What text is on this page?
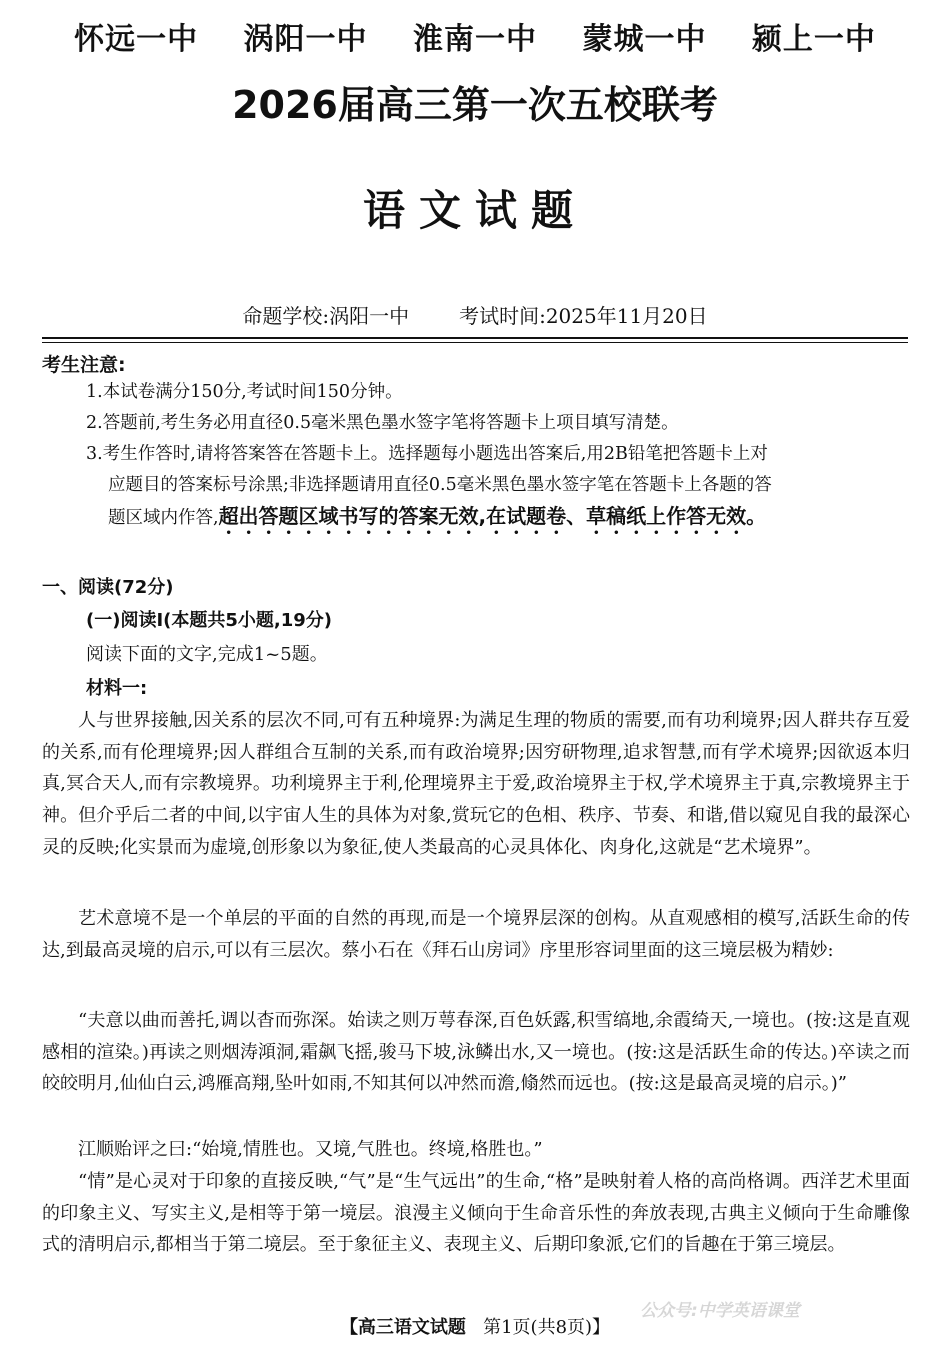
怀远一中 涡阳一中 淮南一中 蒙城一中 颍上一中
2026届高三第一次五校联考
语文试题
命题学校:涡阳一中	考试时间:2025年11月20日
考生注意:
1.本试卷满分150分,考试时间150分钟。
2.答题前,考生务必用直径0.5毫米黑色墨水签字笔将答题卡上项目填写清楚。
3.考生作答时,请将答案答在答题卡上。选择题每小题选出答案后,用2B铅笔把答题卡上对
应题目的答案标号涂黑;非选择题请用直径0.5毫米黑色墨水签字笔在答题卡上各题的答
题区域内作答,超出答题区域书写的答案无效,在试题卷、草稿纸上作答无效。
一、阅读(72分)
(一)阅读Ⅰ(本题共5小题,19分)
阅读下面的文字,完成1~5题。
材料一:
人与世界接触,因关系的层次不同,可有五种境界:为满足生理的物质的需要,而有功利境界;因人群共存互爱的关系,而有伦理境界;因人群组合互制的关系,而有政治境界;因穷研物理,追求智慧,而有学术境界;因欲返本归真,冥合天人,而有宗教境界。功利境界主于利,伦理境界主于爱,政治境界主于权,学术境界主于真,宗教境界主于神。但介乎后二者的中间,以宇宙人生的具体为对象,赏玩它的色相、秩序、节奏、和谐,借以窥见自我的最深心灵的反映;化实景而为虚境,创形象以为象征,使人类最高的心灵具体化、肉身化,这就是“艺术境界”。
艺术意境不是一个单层的平面的自然的再现,而是一个境界层深的创构。从直观感相的模写,活跃生命的传达,到最高灵境的启示,可以有三层次。蔡小石在《拜石山房词》序里形容词里面的这三境层极为精妙:
“夫意以曲而善托,调以杳而弥深。始读之则万萼春深,百色妖露,积雪缟地,余霞绮天,一境也。(按:这是直观感相的渲染。)再读之则烟涛澒洞,霜飙飞摇,骏马下坡,泳鳞出水,又一境也。(按:这是活跃生命的传达。)卒读之而皎皎明月,仙仙白云,鸿雁高翔,坠叶如雨,不知其何以冲然而澹,翛然而远也。(按:这是最高灵境的启示。)”
江顺贻评之曰:“始境,情胜也。又境,气胜也。终境,格胜也。”
“情”是心灵对于印象的直接反映,“气”是“生气远出”的生命,“格”是映射着人格的高尚格调。西洋艺术里面的印象主义、写实主义,是相等于第一境层。浪漫主义倾向于生命音乐性的奔放表现,古典主义倾向于生命雕像式的清明启示,都相当于第二境层。至于象征主义、表现主义、后期印象派,它们的旨趣在于第三境层。
公众号:中学英语课堂
【高三语文试题 第1页(共8页)】
